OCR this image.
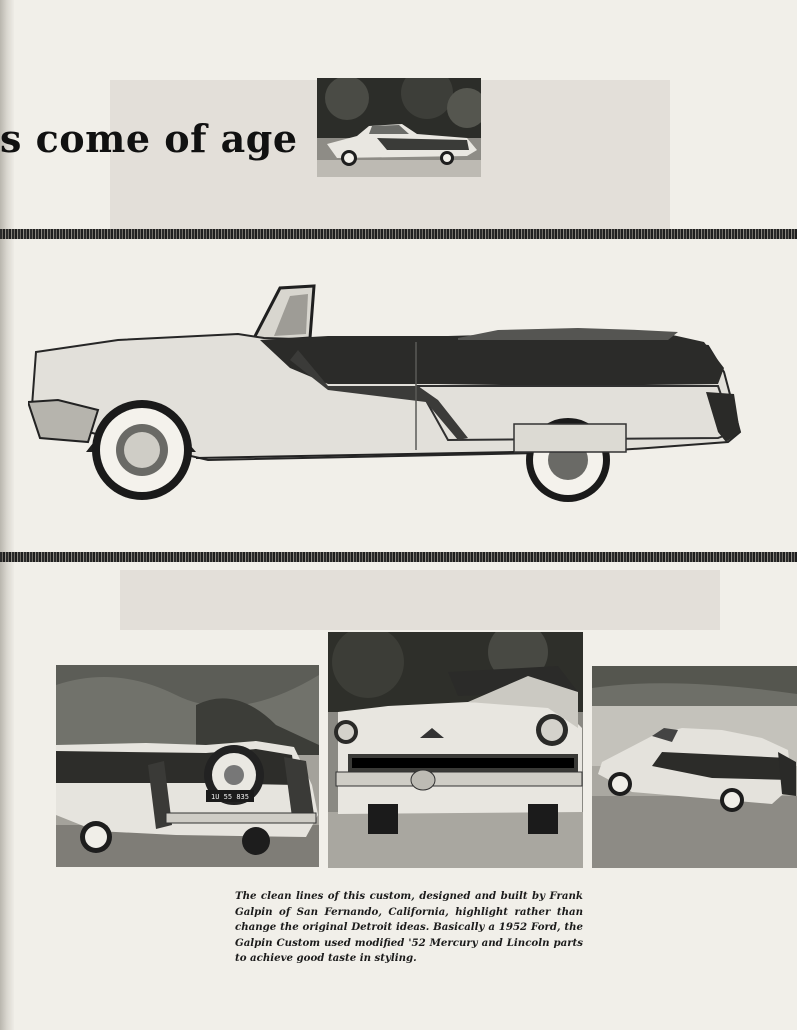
s come of age
1U 55 835

The clean lines of this custom, designed and built by Frank Galpin of San Fernando, California, highlight rather than change the original Detroit ideas. Basically a 1952 Ford, the Galpin Custom used modified '52 Mercury and Lincoln parts to achieve good taste in styling.
